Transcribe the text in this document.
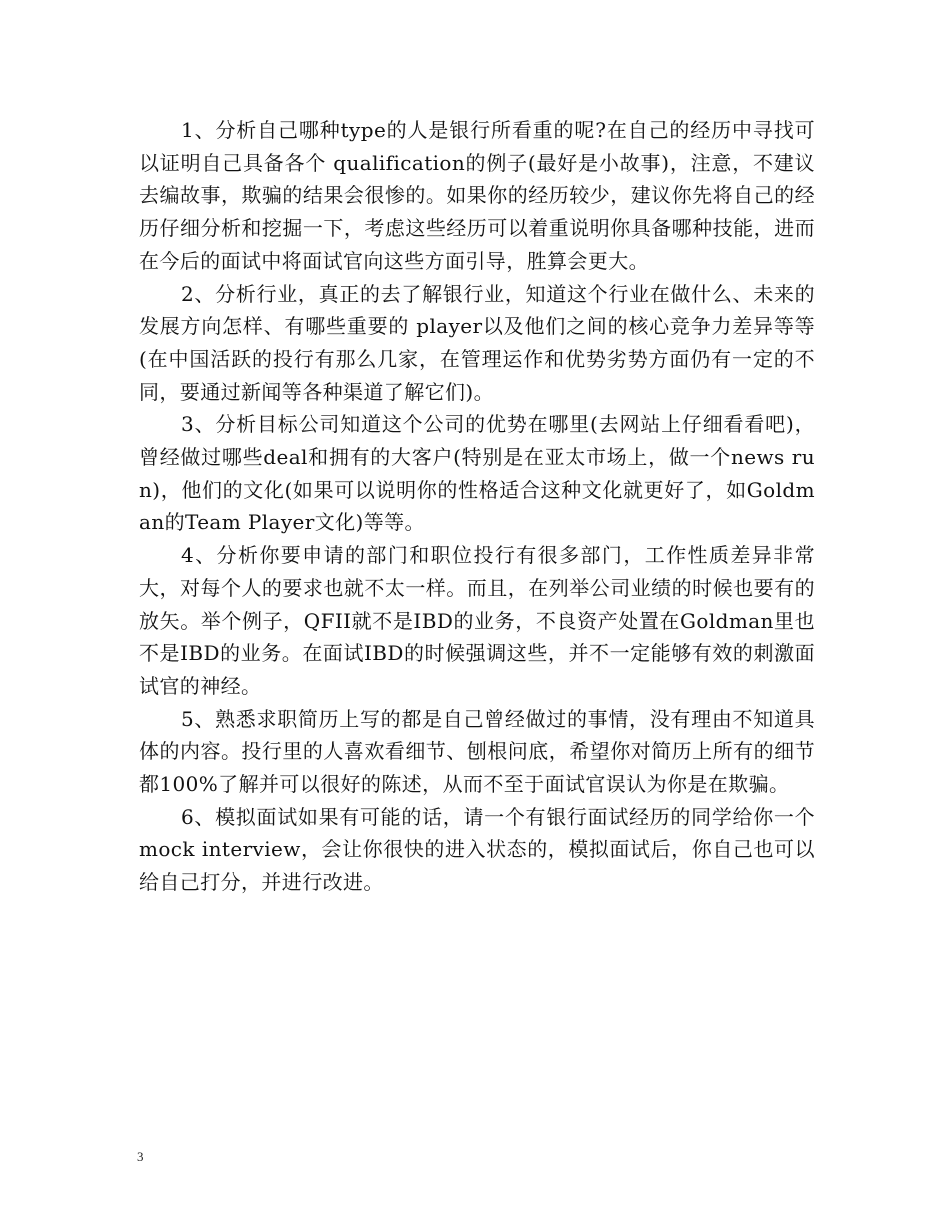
1、分析自己哪种type的人是银行所看重的呢?在自己的经历中寻找可以证明自己具备各个 qualification的例子(最好是小故事)，注意，不建议去编故事，欺骗的结果会很惨的。如果你的经历较少，建议你先将自己的经历仔细分析和挖掘一下，考虑这些经历可以着重说明你具备哪种技能，进而在今后的面试中将面试官向这些方面引导，胜算会更大。

2、分析行业，真正的去了解银行业，知道这个行业在做什么、未来的发展方向怎样、有哪些重要的 player以及他们之间的核心竞争力差异等等(在中国活跃的投行有那么几家，在管理运作和优势劣势方面仍有一定的不同，要通过新闻等各种渠道了解它们)。

3、分析目标公司知道这个公司的优势在哪里(去网站上仔细看看吧)，曾经做过哪些deal和拥有的大客户(特别是在亚太市场上，做一个news run)，他们的文化(如果可以说明你的性格适合这种文化就更好了，如Goldman的Team Player文化)等等。

4、分析你要申请的部门和职位投行有很多部门，工作性质差异非常大，对每个人的要求也就不太一样。而且，在列举公司业绩的时候也要有的放矢。举个例子，QFII就不是IBD的业务，不良资产处置在Goldman里也不是IBD的业务。在面试IBD的时候强调这些，并不一定能够有效的刺激面试官的神经。

5、熟悉求职简历上写的都是自己曾经做过的事情，没有理由不知道具体的内容。投行里的人喜欢看细节、刨根问底，希望你对简历上所有的细节都100%了解并可以很好的陈述，从而不至于面试官误认为你是在欺骗。

6、模拟面试如果有可能的话，请一个有银行面试经历的同学给你一个mock interview，会让你很快的进入状态的，模拟面试后，你自己也可以给自己打分，并进行改进。

3
